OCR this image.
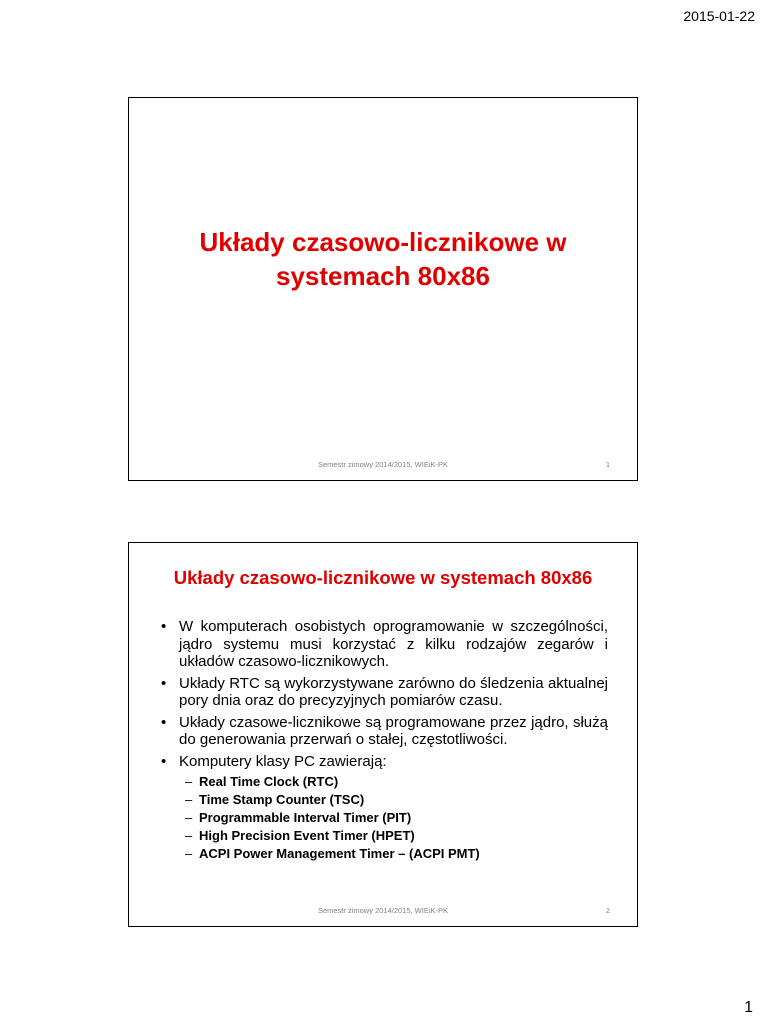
2015-01-22
Układy czasowo-licznikowe w
systemach 80x86
Semestr zimowy 2014/2015, WIEiK-PK	1
Układy czasowo-licznikowe w systemach 80x86
• W komputerach osobistych oprogramowanie w szczególności, jądro systemu musi korzystać z kilku rodzajów zegarów i układów czasowo-licznikowych.
• Układy RTC są wykorzystywane zarówno do śledzenia aktualnej pory dnia oraz do precyzyjnych pomiarów czasu.
• Układy czasowe-licznikowe są programowane przez jądro, służą do generowania przerwań o stałej, częstotliwości.
• Komputery klasy PC zawierają:
– Real Time Clock (RTC)
– Time Stamp Counter (TSC)
– Programmable Interval Timer (PIT)
– High Precision Event Timer (HPET)
– ACPI Power Management Timer – (ACPI PMT)
Semestr zimowy 2014/2015, WIEiK-PK	2
1
